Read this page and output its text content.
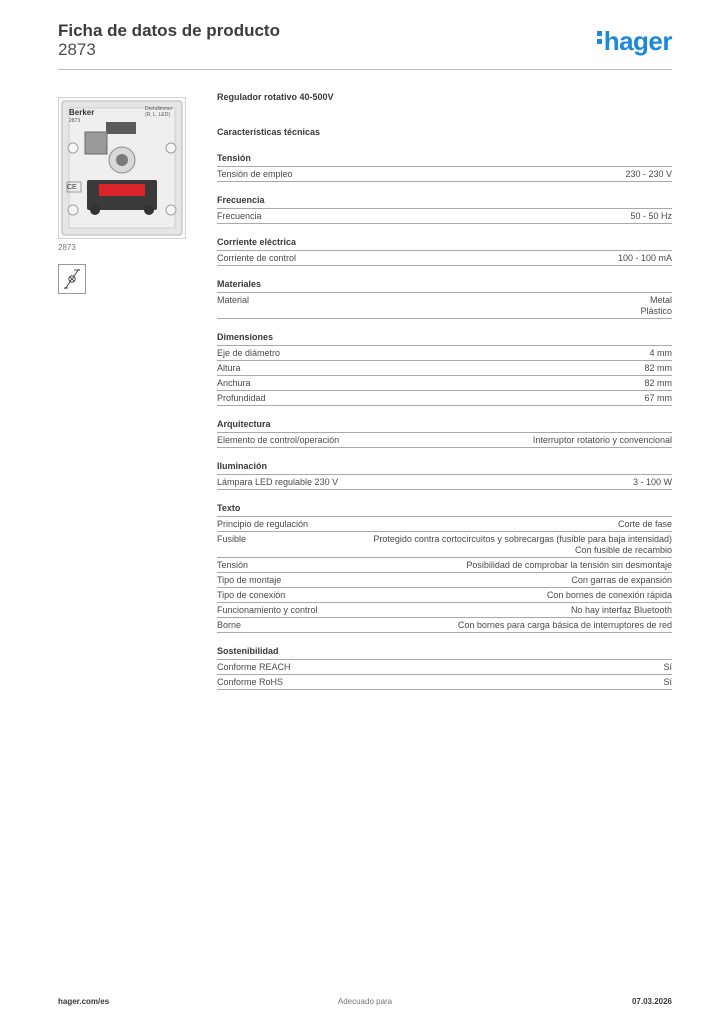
Ficha de datos de producto
2873	hager
CE
Berker
2873
Drehdimmer
(R, L, LED)
2873
Regulador rotativo 40-500V
Características técnicas
Tensión
Tensión de empleo	230 - 230 V
Frecuencia
Frecuencia	50 - 50 Hz
Corriente eléctrica
Corriente de control	100 - 100 mA
Materiales
Material	Metal
Plástico
Dimensiones
Eje de diámetro	4 mm
Altura	82 mm
Anchura	82 mm
Profundidad	67 mm
Arquitectura
Elemento de control/operación	Interruptor rotatorio y convencional
Iluminación
Lámpara LED regulable 230 V	3 - 100 W
Texto
Principio de regulación	Corte de fase
Fusible	Protegido contra cortocircuitos y sobrecargas (fusible para baja intensidad)
Con fusible de recambio
Tensión	Posibilidad de comprobar la tensión sin desmontaje
Tipo de montaje	Con garras de expansión
Tipo de conexión	Con bornes de conexión rápida
Funcionamiento y control	No hay interfaz Bluetooth
Borne	Con bornes para carga básica de interruptores de red
Sostenibilidad
Conforme REACH	Sí
Conforme RoHS	Sí
hager.com/es	Adecuado para	07.03.2026
